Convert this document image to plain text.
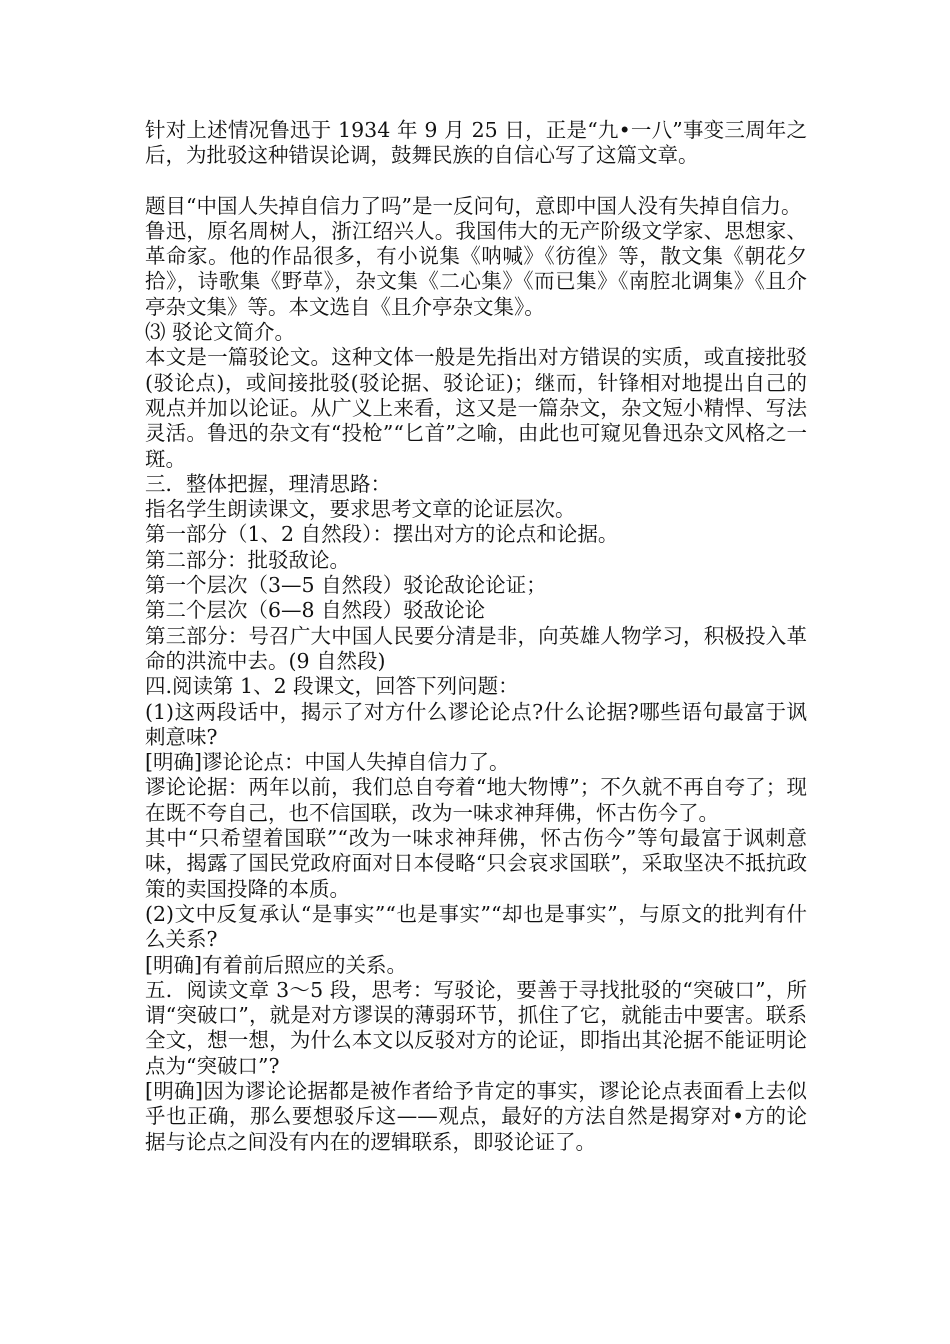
针对上述情况鲁迅于 1934 年 9 月 25 日，正是“九•一八”事变三周年之后，为批驳这种错误论调，鼓舞民族的自信心写了这篇文章。

题目“中国人失掉自信力了吗”是一反问句，意即中国人没有失掉自信力。

鲁迅，原名周树人，浙江绍兴人。我国伟大的无产阶级文学家、思想家、革命家。他的作品很多，有小说集《呐喊》《彷徨》等，散文集《朝花夕拾》，诗歌集《野草》，杂文集《二心集》《而已集》《南腔北调集》《且介亭杂文集》等。本文选自《且介亭杂文集》。

⑶ 驳论文简介。

本文是一篇驳论文。这种文体一般是先指出对方错误的实质，或直接批驳(驳论点)，或间接批驳(驳论据、驳论证)；继而，针锋相对地提出自己的观点并加以论证。从广义上来看，这又是一篇杂文，杂文短小精悍、写法灵活。鲁迅的杂文有“投枪”“匕首”之喻，由此也可窥见鲁迅杂文风格之一斑。

三．整体把握，理清思路：

指名学生朗读课文，要求思考文章的论证层次。

第一部分（1、2 自然段）：摆出对方的论点和论据。

第二部分：批驳敌论。

第一个层次（3—5 自然段）驳论敌论论证；

第二个层次（6—8 自然段）驳敌论论

第三部分：号召广大中国人民要分清是非，向英雄人物学习，积极投入革命的洪流中去。(9 自然段)

四.阅读第 1、2 段课文，回答下列问题：

(1)这两段话中，揭示了对方什么谬论论点?什么论据?哪些语句最富于讽刺意味?

[明确]谬论论点：中国人失掉自信力了。

谬论论据：两年以前，我们总自夸着“地大物博”；不久就不再自夸了；现在既不夸自己，也不信国联，改为一味求神拜佛，怀古伤今了。

其中“只希望着国联”“改为一味求神拜佛，怀古伤今”等句最富于讽刺意味，揭露了国民党政府面对日本侵略“只会哀求国联”，采取坚决不抵抗政策的卖国投降的本质。

(2)文中反复承认“是事实”“也是事实”“却也是事实”，与原文的批判有什么关系?

[明确]有着前后照应的关系。

五．阅读文章 3～5 段，思考：写驳论，要善于寻找批驳的“突破口”，所谓“突破口”，就是对方谬误的薄弱环节，抓住了它，就能击中要害。联系全文，想一想，为什么本文以反驳对方的论证，即指出其沦据不能证明论点为“突破口”?

[明确]因为谬论论据都是被作者给予肯定的事实，谬论论点表面看上去似乎也正确，那么要想驳斥这——观点，最好的方法自然是揭穿对•方的论据与论点之间没有内在的逻辑联系，即驳论证了。
